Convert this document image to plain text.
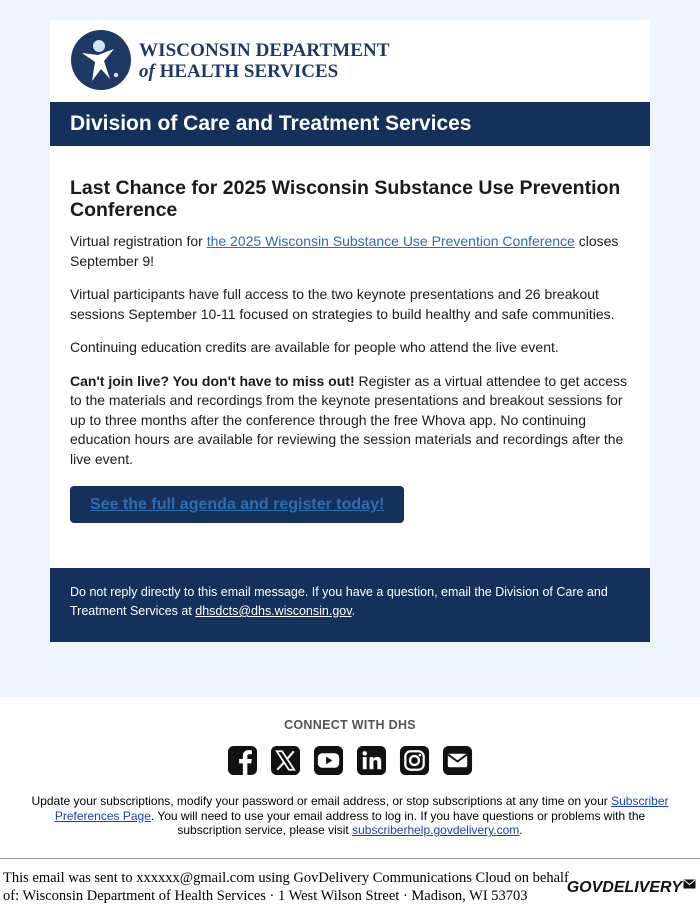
WISCONSIN DEPARTMENT
of HEALTH SERVICES
Division of Care and Treatment Services
Last Chance for 2025 Wisconsin Substance Use Prevention Conference

Virtual registration for the 2025 Wisconsin Substance Use Prevention Conference closes September 9!

Virtual participants have full access to the two keynote presentations and 26 breakout sessions September 10-11 focused on strategies to build healthy and safe communities.

Continuing education credits are available for people who attend the live event.

Can't join live? You don't have to miss out! Register as a virtual attendee to get access to the materials and recordings from the keynote presentations and breakout sessions for up to three months after the conference through the free Whova app. No continuing education hours are available for reviewing the session materials and recordings after the live event.

See the full agenda and register today!
Do not reply directly to this email message. If you have a question, email the Division of Care and Treatment Services at dhsdcts@dhs.wisconsin.gov.
CONNECT WITH DHS
Update your subscriptions, modify your password or email address, or stop subscriptions at any time on your Subscriber Preferences Page. You will need to use your email address to log in. If you have questions or problems with the subscription service, please visit subscriberhelp.govdelivery.com.
This email was sent to xxxxxx@gmail.com using GovDelivery Communications Cloud on behalf of: Wisconsin Department of Health Services · 1 West Wilson Street · Madison, WI 53703	GOVDELIVERY
